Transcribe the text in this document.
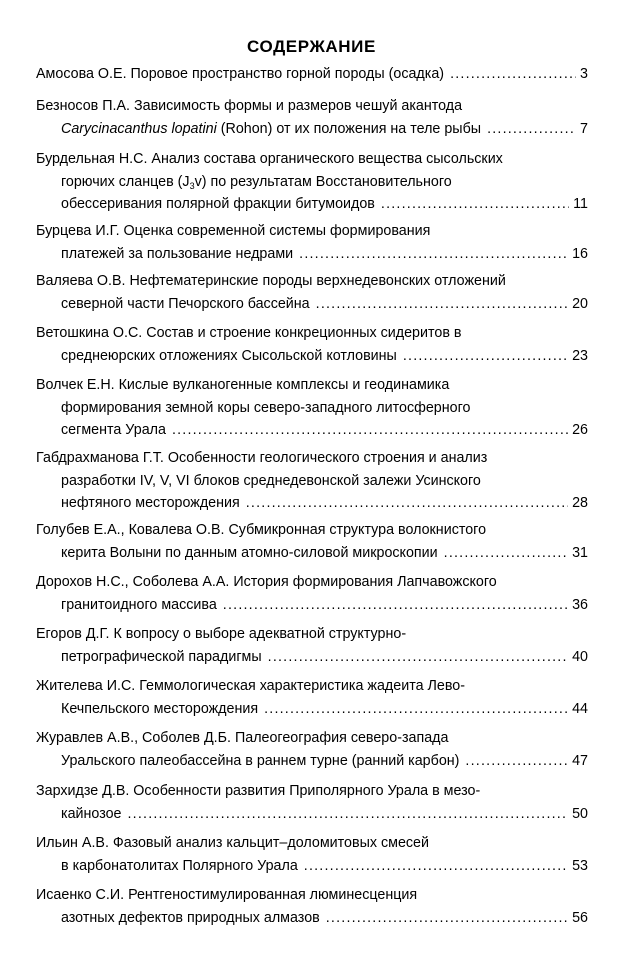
СОДЕРЖАНИЕ
Амосова О.Е. Поровое пространство горной породы (осадка) .....	3
Безносов П.А. Зависимость формы и размеров чешуй акантода
Carycinacanthus lopatini (Rohon) от их положения на теле рыбы .....	7
Бурдельная Н.С. Анализ состава органического вещества сысольских
горючих сланцев $(J_3v)$ по результатам Восстановительного
обессеривания полярной фракции битумоидов .....	11
Бурцева И.Г. Оценка современной системы формирования
платежей за пользование недрами .....	16
Валяева О.В. Нефтематеринские породы верхнедевонских отложений
северной части Печорского бассейна .....	20
Ветошкина О.С. Состав и строение конкреционных сидеритов в
среднеюрских отложениях Сысольской котловины .....	23
Волчек Е.Н. Кислые вулканогенные комплексы и геодинамика
формирования земной коры северо-западного литосферного
сегмента Урала .....	26
Габдрахманова Г.Т. Особенности геологического строения и анализ
разработки IV, V, VI блоков среднедевонской залежи Усинского
нефтяного месторождения .....	28
Голубев Е.А., Ковалева О.В. Субмикронная структура волокнистого
керита Волыни по данным атомно-силовой микроскопии .....	31
Дорохов Н.С., Соболева А.А. История формирования Лапчавожского
гранитоидного массива .....	36
Егоров Д.Г. К вопросу о выборе адекватной структурно-
петрографической парадигмы .....	40
Жителева И.С. Геммологическая характеристика жадеита Лево-
Кечпельского месторождения .....	44
Журавлев А.В., Соболев Д.Б. Палеогеография северо-запада
Уральского палеобассейна в раннем турне (ранний карбон) .....	47
Зархидзе Д.В. Особенности развития Приполярного Урала в мезо-
кайнозое .....	50
Ильин А.В. Фазовый анализ кальцит–доломитовых смесей
в карбонатолитах Полярного Урала .....	53
Исаенко С.И. Рентгеностимулированная люминесценция
азотных дефектов природных алмазов .....	56
